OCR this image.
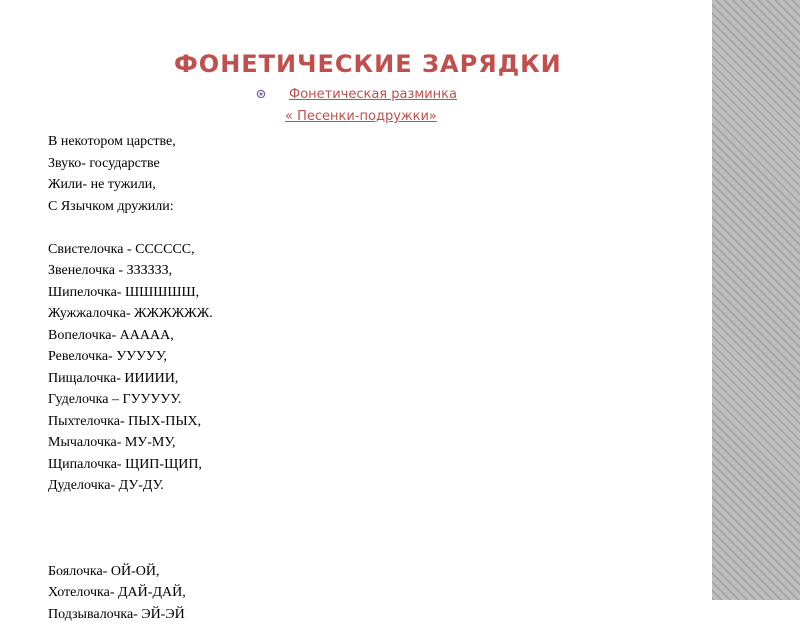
ФОНЕТИЧЕСКИЕ ЗАРЯДКИ
Фонетическая разминка
« Песенки-подружки»
В некотором царстве,
Звуко- государстве
Жили- не тужили,
С Язычком дружили:
Свистелочка - СССССС,
Звенелочка - ЗЗЗЗЗЗ,
Шипелочка- ШШШШШ,
Жужжалочка- ЖЖЖЖЖЖ.
Вопелочка- ААААА,
Ревелочка- УУУУУ,
Пищалочка- ИИИИИ,
Гуделочка – ГУУУУУ.
Пыхтелочка- ПЫХ-ПЫХ,
Мычалочка- МУ-МУ,
Щипалочка- ЩИП-ЩИП,
Дуделочка- ДУ-ДУ.
Боялочка- ОЙ-ОЙ,
Хотелочка- ДАЙ-ДАЙ,
Подзывалочка- ЭЙ-ЭЙ
